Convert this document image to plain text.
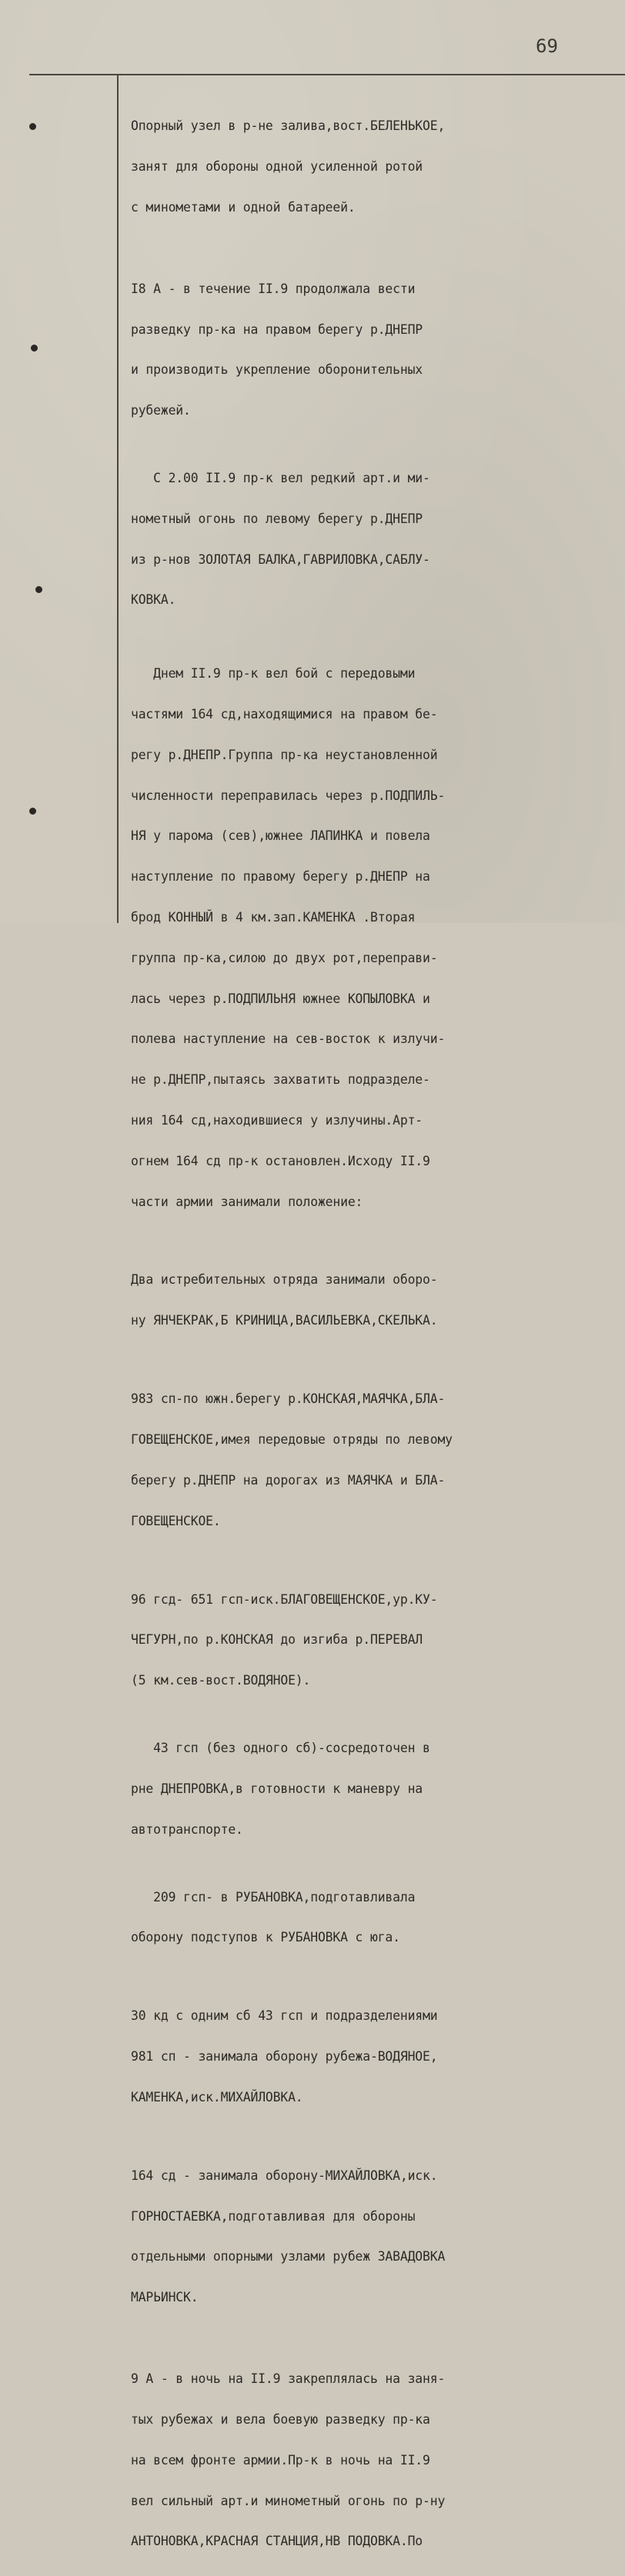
69

Опорный узел в р-не залива,вост.БЕЛЕНЬКОЕ,

занят для обороны одной усиленной ротой

с минометами и одной батареей.

I8 А - в течение II.9 продолжала вести

разведку пр-ка на правом берегу р.ДНЕПР

и производить укрепление оборонительных

рубежей.

С 2.00 II.9 пр-к вел редкий арт.и ми-

нометный огонь по левому берегу р.ДНЕПР

из р-нов ЗОЛОТАЯ БАЛКА,ГАВРИЛОВКА,САБЛУ-

КОВКА.

Днем II.9 пр-к вел бой с передовыми

частями 164 сд,находящимися на правом бе-

регу р.ДНЕПР.Группа пр-ка неустановленной

численности переправилась через р.ПОДПИЛЬ-

НЯ у парома (сев),южнее ЛАПИНКА и повела

наступление по правому берегу р.ДНЕПР на

брод КОННЫЙ в 4 км.зап.КАМЕНКА .Вторая

группа пр-ка,силою до двух рот,перепрaви-

лась через р.ПОДПИЛЬНЯ южнее КОПЫЛОВКА и

полева наступление на сев-восток к излучи-

не р.ДНЕПР,пытаясь захватить подразделе-

ния 164 сд,находившиеся у излучины.Арт-

огнем 164 сд пр-к остановлен.Исходу II.9

части армии занимали положение:

Два истребительных отряда занимали оборо-

ну ЯНЧЕКРАК,Б КРИНИЦА,ВАСИЛЬЕВКА,СКЕЛЬКА.

983 сп-по южн.берегу р.КОНСКАЯ,МАЯЧКА,БЛА-

ГОВЕЩЕНСКОЕ,имея передовые отряды по левому

берегу р.ДНЕПР на дорогах из МАЯЧКА и БЛА-

ГОВЕЩЕНСКОЕ.

96 гсд- 651 гсп-иск.БЛАГОВЕЩЕНСКОЕ,ур.КУ-

ЧЕГУРН,по р.КОНСКАЯ до изгиба р.ПЕРЕВАЛ

(5 км.сев-вост.ВОДЯНОЕ).

43 гсп (без одного сб)-сосредоточен в

рне ДНЕПРОВКА,в готовности к маневру на

автотранспорте.

209 гсп- в РУБАНОВКА,подготавливала

оборону подступов к РУБАНОВКА с юга.

30 кд с одним сб 43 гсп и подразделениями

981 сп - занимала оборону рубежа-ВОДЯНОЕ,

КАМЕНКА,иск.МИХАЙЛОВКА.

164 сд - занимала оборону-МИХАЙЛОВКА,иск.

ГОРНОСТАЕВКА,подготавливая для обороны

отдельными опорными узлами рубеж ЗАВАДОВКА

МАРЬИНСК.

9 А - в ночь на II.9 закреплялась на заня-

тых рубежах и вела боевую разведку пр-ка

на всем фронте армии.Пр-к в ночь на II.9

вел сильный арт.и минометный огонь по р-ну

АНТОНОВКА,КРАСНАЯ СТАНЦИЯ,НВ ПОДОВКА.По
